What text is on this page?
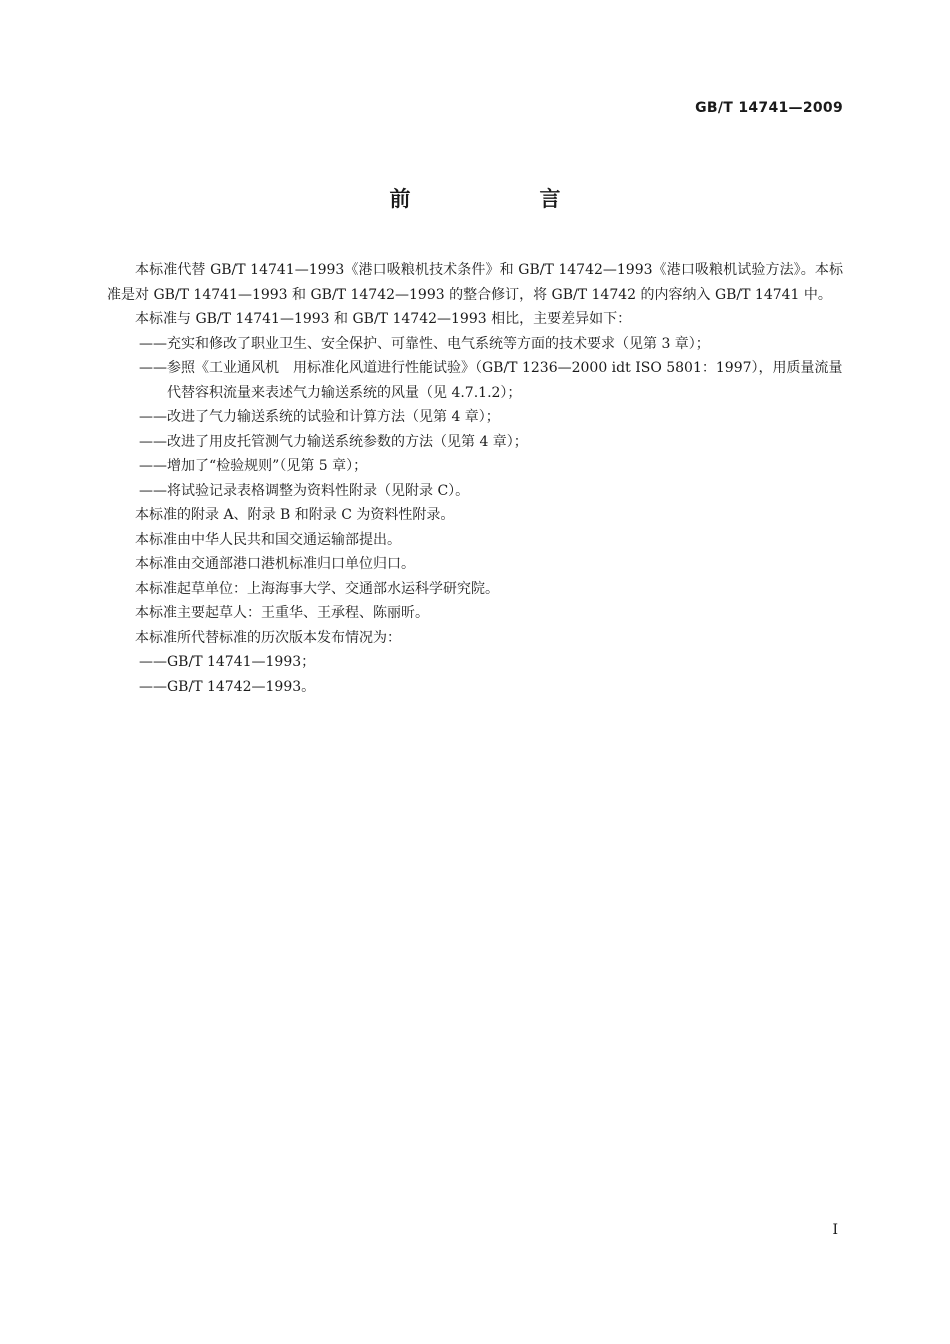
GB/T 14741—2009
前　言

本标准代替 GB/T 14741—1993《港口吸粮机技术条件》和 GB/T 14742—1993《港口吸粮机试验方法》。本标准是对 GB/T 14741—1993 和 GB/T 14742—1993 的整合修订，将 GB/T 14742 的内容纳入 GB/T 14741 中。

本标准与 GB/T 14741—1993 和 GB/T 14742—1993 相比，主要差异如下：

——充实和修改了职业卫生、安全保护、可靠性、电气系统等方面的技术要求（见第 3 章）；

——参照《工业通风机　用标准化风道进行性能试验》（GB/T 1236—2000 idt ISO 5801：1997），用质量流量代替容积流量来表述气力输送系统的风量（见 4.7.1.2）；

——改进了气力输送系统的试验和计算方法（见第 4 章）；

——改进了用皮托管测气力输送系统参数的方法（见第 4 章）；

——增加了“检验规则”（见第 5 章）；

——将试验记录表格调整为资料性附录（见附录 C）。

本标准的附录 A、附录 B 和附录 C 为资料性附录。

本标准由中华人民共和国交通运输部提出。

本标准由交通部港口港机标准归口单位归口。

本标准起草单位：上海海事大学、交通部水运科学研究院。

本标准主要起草人：王重华、王承程、陈丽昕。

本标准所代替标准的历次版本发布情况为：

——GB/T 14741—1993；

——GB/T 14742—1993。

I
